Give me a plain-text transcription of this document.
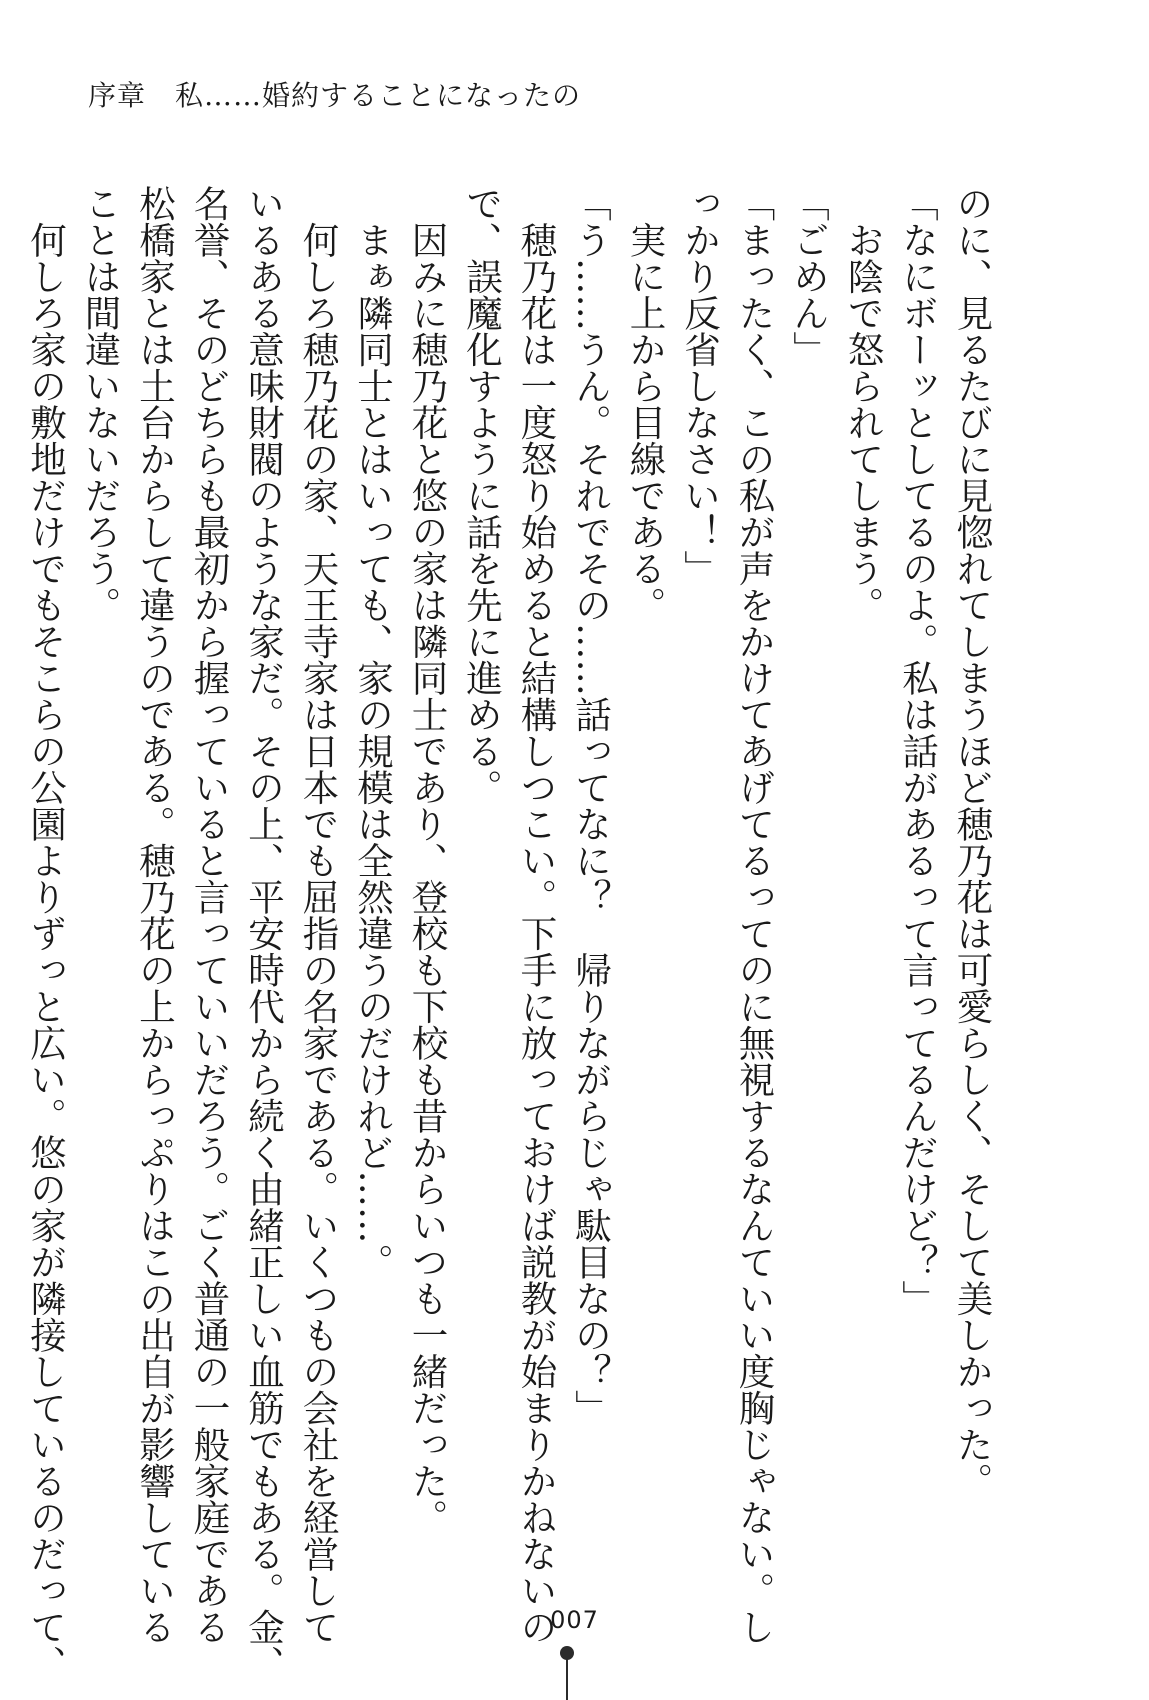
序章　私……婚約することになったの
のに、見るたびに見惚れてしまうほど穂乃花は可愛らしく、そして美しかった。
「なにボーッとしてるのよ。私は話があるって言ってるんだけど？」
　お陰で怒られてしまう。
「ごめん」
「まったく、この私が声をかけてあげてるってのに無視するなんていい度胸じゃない。し
っかり反省しなさい！」
　実に上から目線である。
「う……うん。それでその……話ってなに？　帰りながらじゃ駄目なの？」
　穂乃花は一度怒り始めると結構しつこい。下手に放っておけば説教が始まりかねないの
で、誤魔化すように話を先に進める。
　因みに穂乃花と悠の家は隣同士であり、登校も下校も昔からいつも一緒だった。
　まぁ隣同士とはいっても、家の規模は全然違うのだけれど……。
　何しろ穂乃花の家、天王寺家は日本でも屈指の名家である。いくつもの会社を経営して
いるある意味財閥のような家だ。その上、平安時代から続く由緒正しい血筋でもある。金、
名誉、そのどちらも最初から握っていると言っていいだろう。ごく普通の一般家庭である
松橋家とは土台からして違うのである。穂乃花の上からっぷりはこの出自が影響している
ことは間違いないだろう。
　何しろ家の敷地だけでもそこらの公園よりずっと広い。悠の家が隣接しているのだって、	007
